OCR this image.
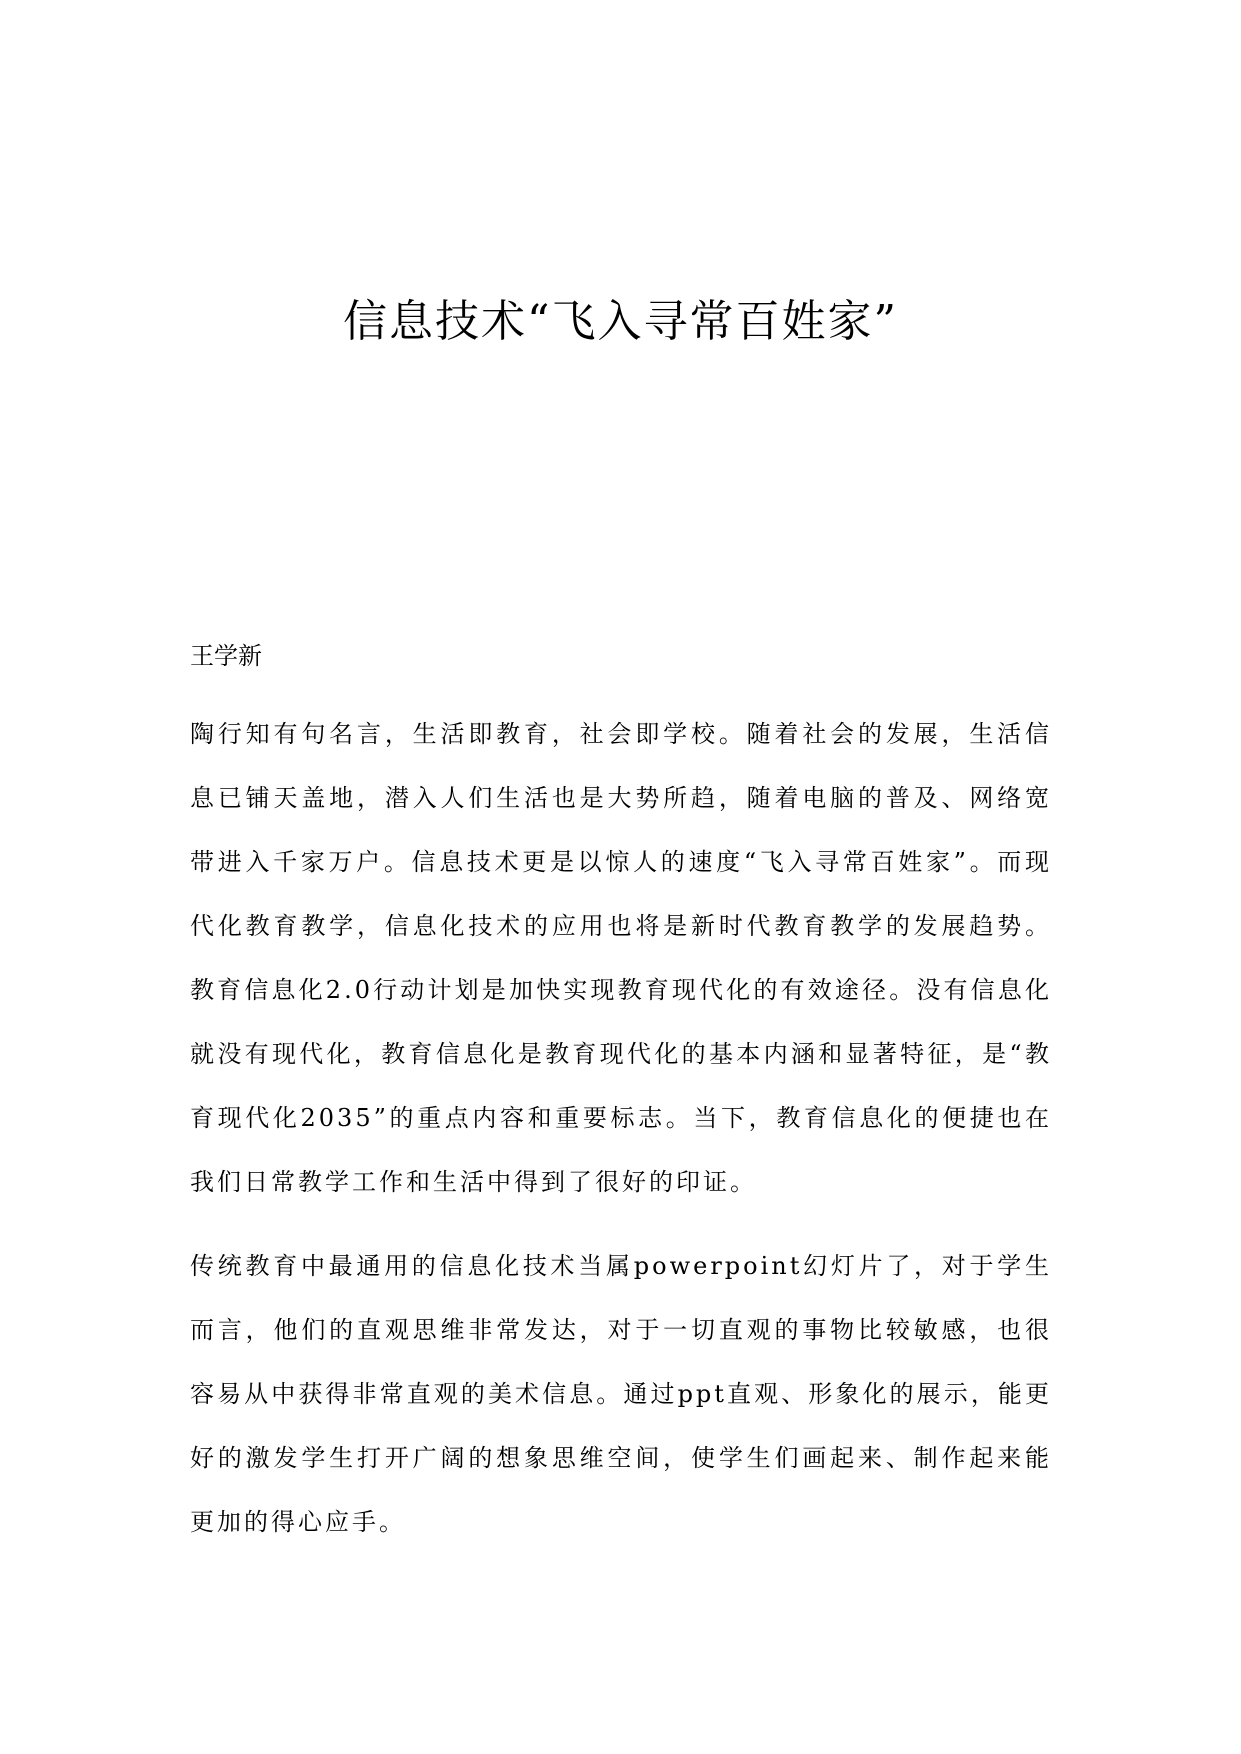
信息技术“飞入寻常百姓家”

王学新

陶行知有句名言，生活即教育，社会即学校。随着社会的发展，生活信息已铺天盖地，潜入人们生活也是大势所趋，随着电脑的普及、网络宽带进入千家万户。信息技术更是以惊人的速度“飞入寻常百姓家”。而现代化教育教学，信息化技术的应用也将是新时代教育教学的发展趋势。教育信息化2.0行动计划是加快实现教育现代化的有效途径。没有信息化就没有现代化，教育信息化是教育现代化的基本内涵和显著特征，是“教育现代化2035”的重点内容和重要标志。当下，教育信息化的便捷也在我们日常教学工作和生活中得到了很好的印证。

传统教育中最通用的信息化技术当属powerpoint幻灯片了，对于学生而言，他们的直观思维非常发达，对于一切直观的事物比较敏感，也很容易从中获得非常直观的美术信息。通过ppt直观、形象化的展示，能更好的激发学生打开广阔的想象思维空间，使学生们画起来、制作起来能更加的得心应手。
